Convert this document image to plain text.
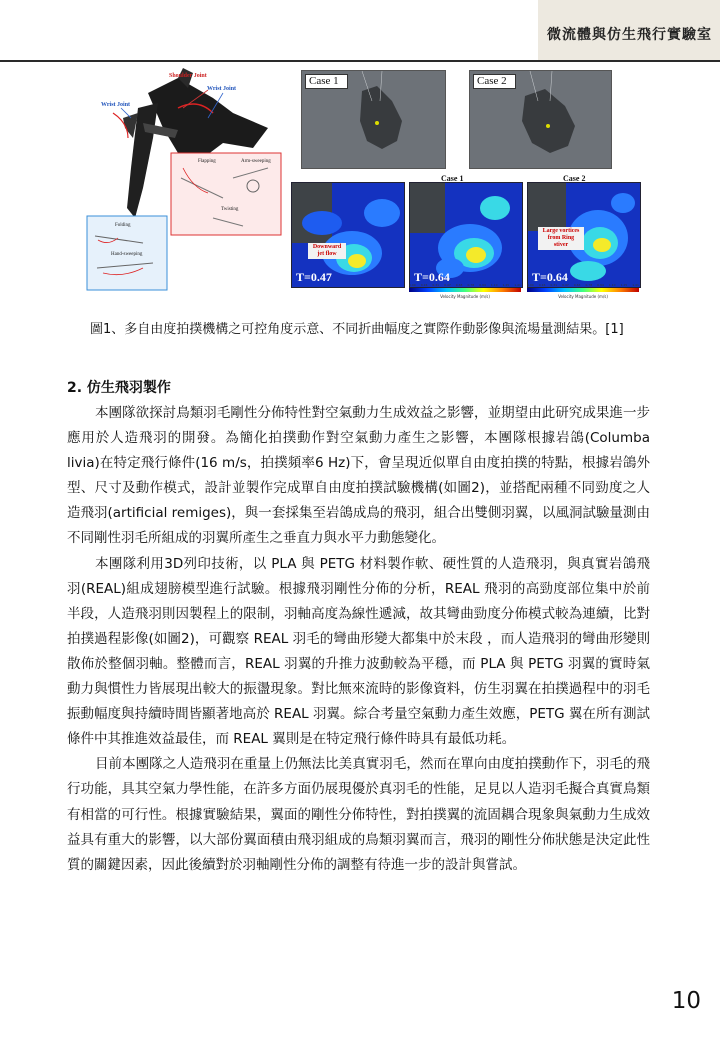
微流體與仿生飛行實驗室
Shoulder Joint
Wrist Joint
Wrist Joint
Flapping	Arm-sweeping
Twisting
Folding
Hand-sweeping
Case 1	Case 2
Case 1	Case 2
Downward jet flow
T=0.47	T=0.64
Large vortices from Ring stiver
T=0.64
Velocity Magnitude (m/s)	Velocity Magnitude (m/s)
0.00 0.16 0.31 0.47 0.63 0.78 0.94 1.10 1.25 1.41 0.00 0.16 0.31 0.47 0.63 0.78 0.94 1.10 1.25 1.41
圖1、多自由度拍撲機構之可控角度示意、不同折曲幅度之實際作動影像與流場量測結果。[1]
2. 仿生飛羽製作

本團隊欲探討鳥類羽毛剛性分佈特性對空氣動力生成效益之影響，並期望由此研究成果進一步應用於人造飛羽的開發。為簡化拍撲動作對空氣動力產生之影響，本團隊根據岩鴿(Columba livia)在特定飛行條件(16 m/s，拍撲頻率6 Hz)下，會呈現近似單自由度拍撲的特點，根據岩鴿外型、尺寸及動作模式，設計並製作完成單自由度拍撲試驗機構(如圖2)，並搭配兩種不同勁度之人造飛羽(artificial remiges)，與一套採集至岩鴿成鳥的飛羽，組合出雙側羽翼，以風洞試驗量測由不同剛性羽毛所組成的羽翼所產生之垂直力與水平力動態變化。

本團隊利用3D列印技術，以 PLA 與 PETG 材料製作軟、硬性質的人造飛羽，與真實岩鴿飛羽(REAL)組成翅膀模型進行試驗。根據飛羽剛性分佈的分析，REAL 飛羽的高勁度部位集中於前半段，人造飛羽則因製程上的限制，羽軸高度為線性遞減，故其彎曲勁度分佈模式較為連續，比對拍撲過程影像(如圖2)，可觀察 REAL 羽毛的彎曲形變大都集中於末段 ，而人造飛羽的彎曲形變則散佈於整個羽軸。整體而言，REAL 羽翼的升推力波動較為平穩，而 PLA 與 PETG 羽翼的實時氣動力與慣性力皆展現出較大的振盪現象。對比無來流時的影像資料，仿生羽翼在拍撲過程中的羽毛振動幅度與持續時間皆顯著地高於 REAL 羽翼。綜合考量空氣動力產生效應，PETG 翼在所有測試條件中其推進效益最佳，而 REAL 翼則是在特定飛行條件時具有最低功耗。

目前本團隊之人造飛羽在重量上仍無法比美真實羽毛，然而在單向由度拍撲動作下，羽毛的飛行功能，具其空氣力學性能，在許多方面仍展現優於真羽毛的性能，足見以人造羽毛擬合真實鳥類有相當的可行性。根據實驗結果，翼面的剛性分佈特性，對拍撲翼的流固耦合現象與氣動力生成效益具有重大的影響，以大部份翼面積由飛羽組成的鳥類羽翼而言，飛羽的剛性分佈狀態是決定此性質的關鍵因素，因此後續對於羽軸剛性分佈的調整有待進一步的設計與嘗試。

10
